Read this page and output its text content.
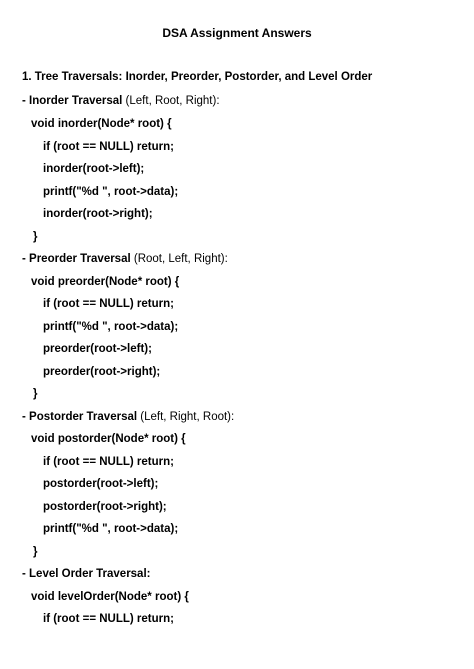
DSA Assignment Answers
1. Tree Traversals: Inorder, Preorder, Postorder, and Level Order
- Inorder Traversal (Left, Root, Right):
void inorder(Node* root) {
if (root == NULL) return;
inorder(root->left);
printf("%d ", root->data);
inorder(root->right);
}
- Preorder Traversal (Root, Left, Right):
void preorder(Node* root) {
if (root == NULL) return;
printf("%d ", root->data);
preorder(root->left);
preorder(root->right);
}
- Postorder Traversal (Left, Right, Root):
void postorder(Node* root) {
if (root == NULL) return;
postorder(root->left);
postorder(root->right);
printf("%d ", root->data);
}
- Level Order Traversal:
void levelOrder(Node* root) {
if (root == NULL) return;
